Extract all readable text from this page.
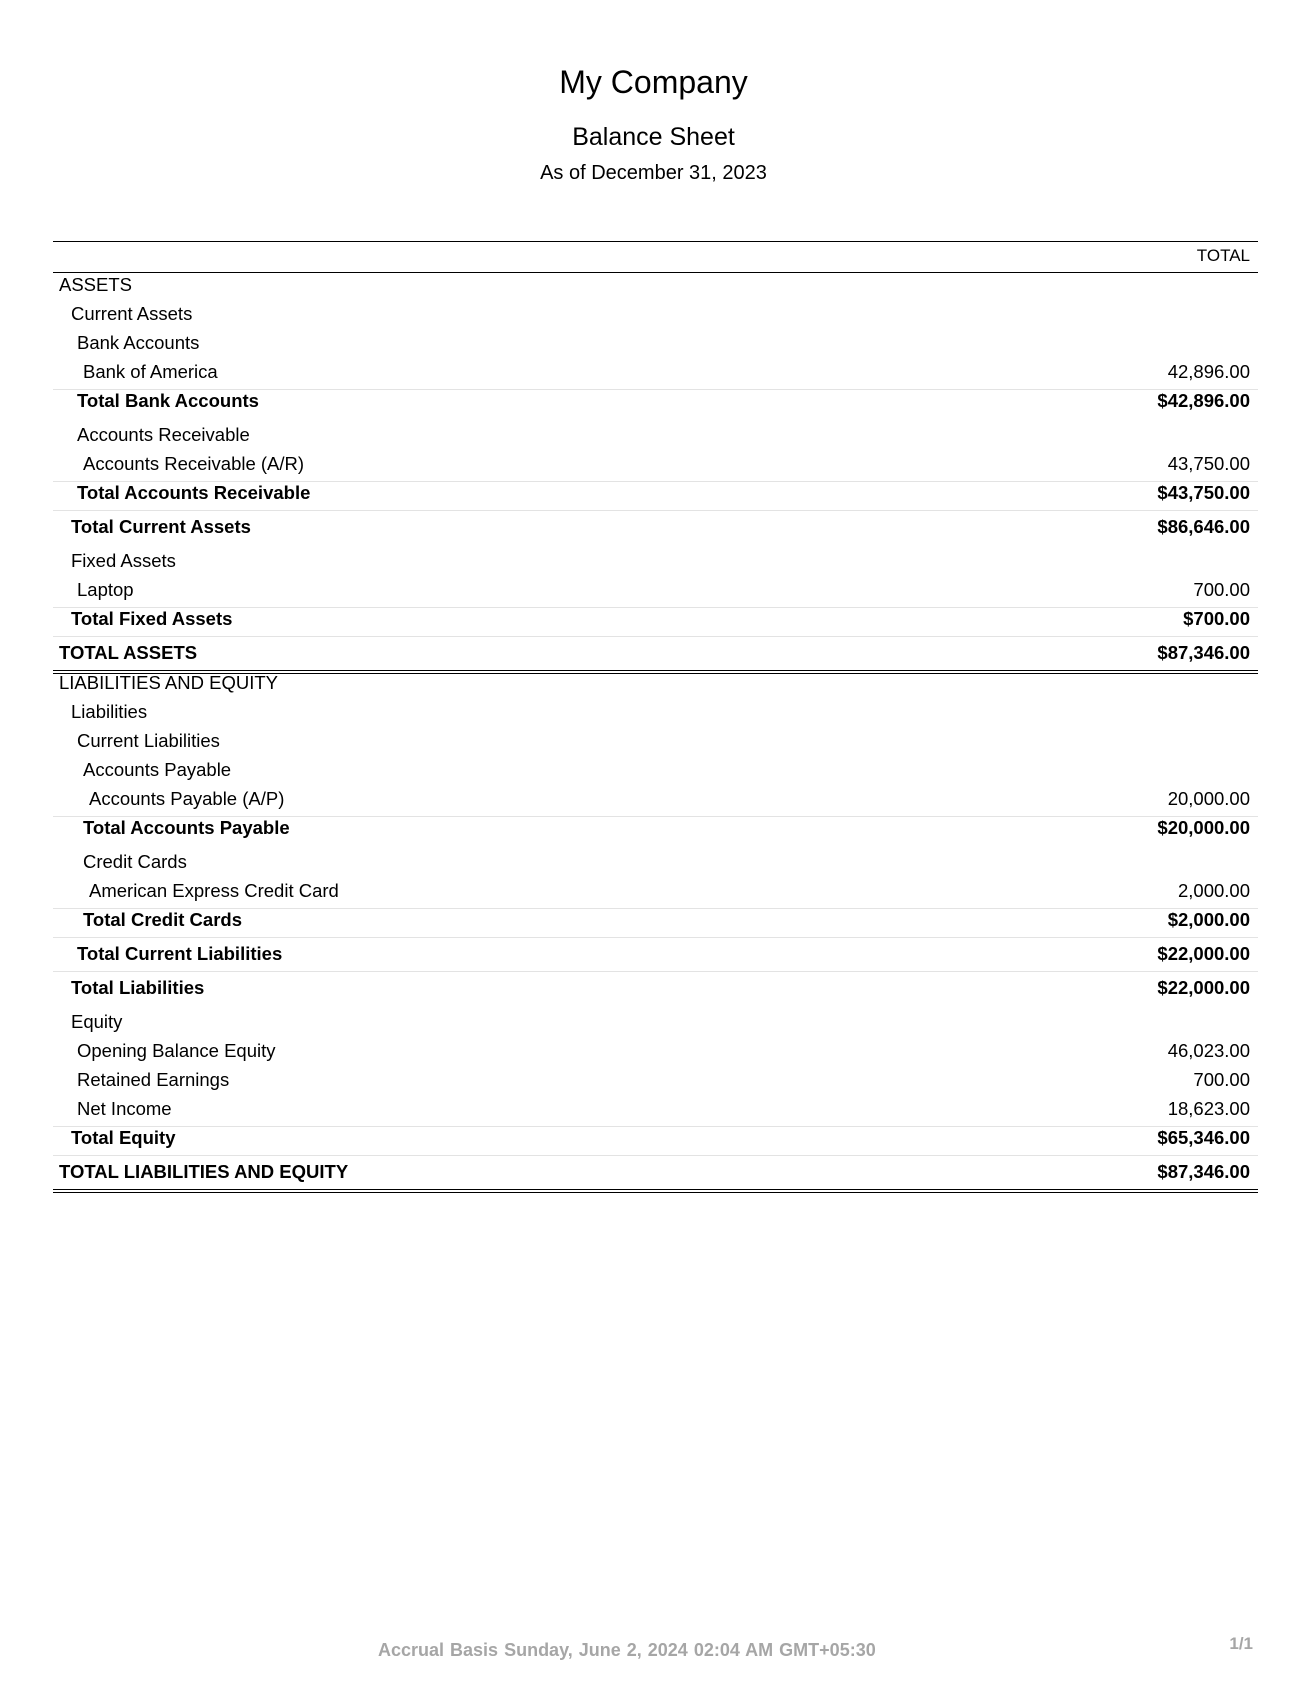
My Company
Balance Sheet
As of December 31, 2023
TOTAL
ASSETS
Current Assets
Bank Accounts
Bank of America	42,896.00
Total Bank Accounts	$42,896.00
Accounts Receivable
Accounts Receivable (A/R)	43,750.00
Total Accounts Receivable	$43,750.00
Total Current Assets	$86,646.00
Fixed Assets
Laptop	700.00
Total Fixed Assets	$700.00
TOTAL ASSETS	$87,346.00
LIABILITIES AND EQUITY
Liabilities
Current Liabilities
Accounts Payable
Accounts Payable (A/P)	20,000.00
Total Accounts Payable	$20,000.00
Credit Cards
American Express Credit Card	2,000.00
Total Credit Cards	$2,000.00
Total Current Liabilities	$22,000.00
Total Liabilities	$22,000.00
Equity
Opening Balance Equity	46,023.00
Retained Earnings	700.00
Net Income	18,623.00
Total Equity	$65,346.00
TOTAL LIABILITIES AND EQUITY	$87,346.00
Accrual Basis Sunday, June 2, 2024 02:04 AM GMT+05:30	1/1
